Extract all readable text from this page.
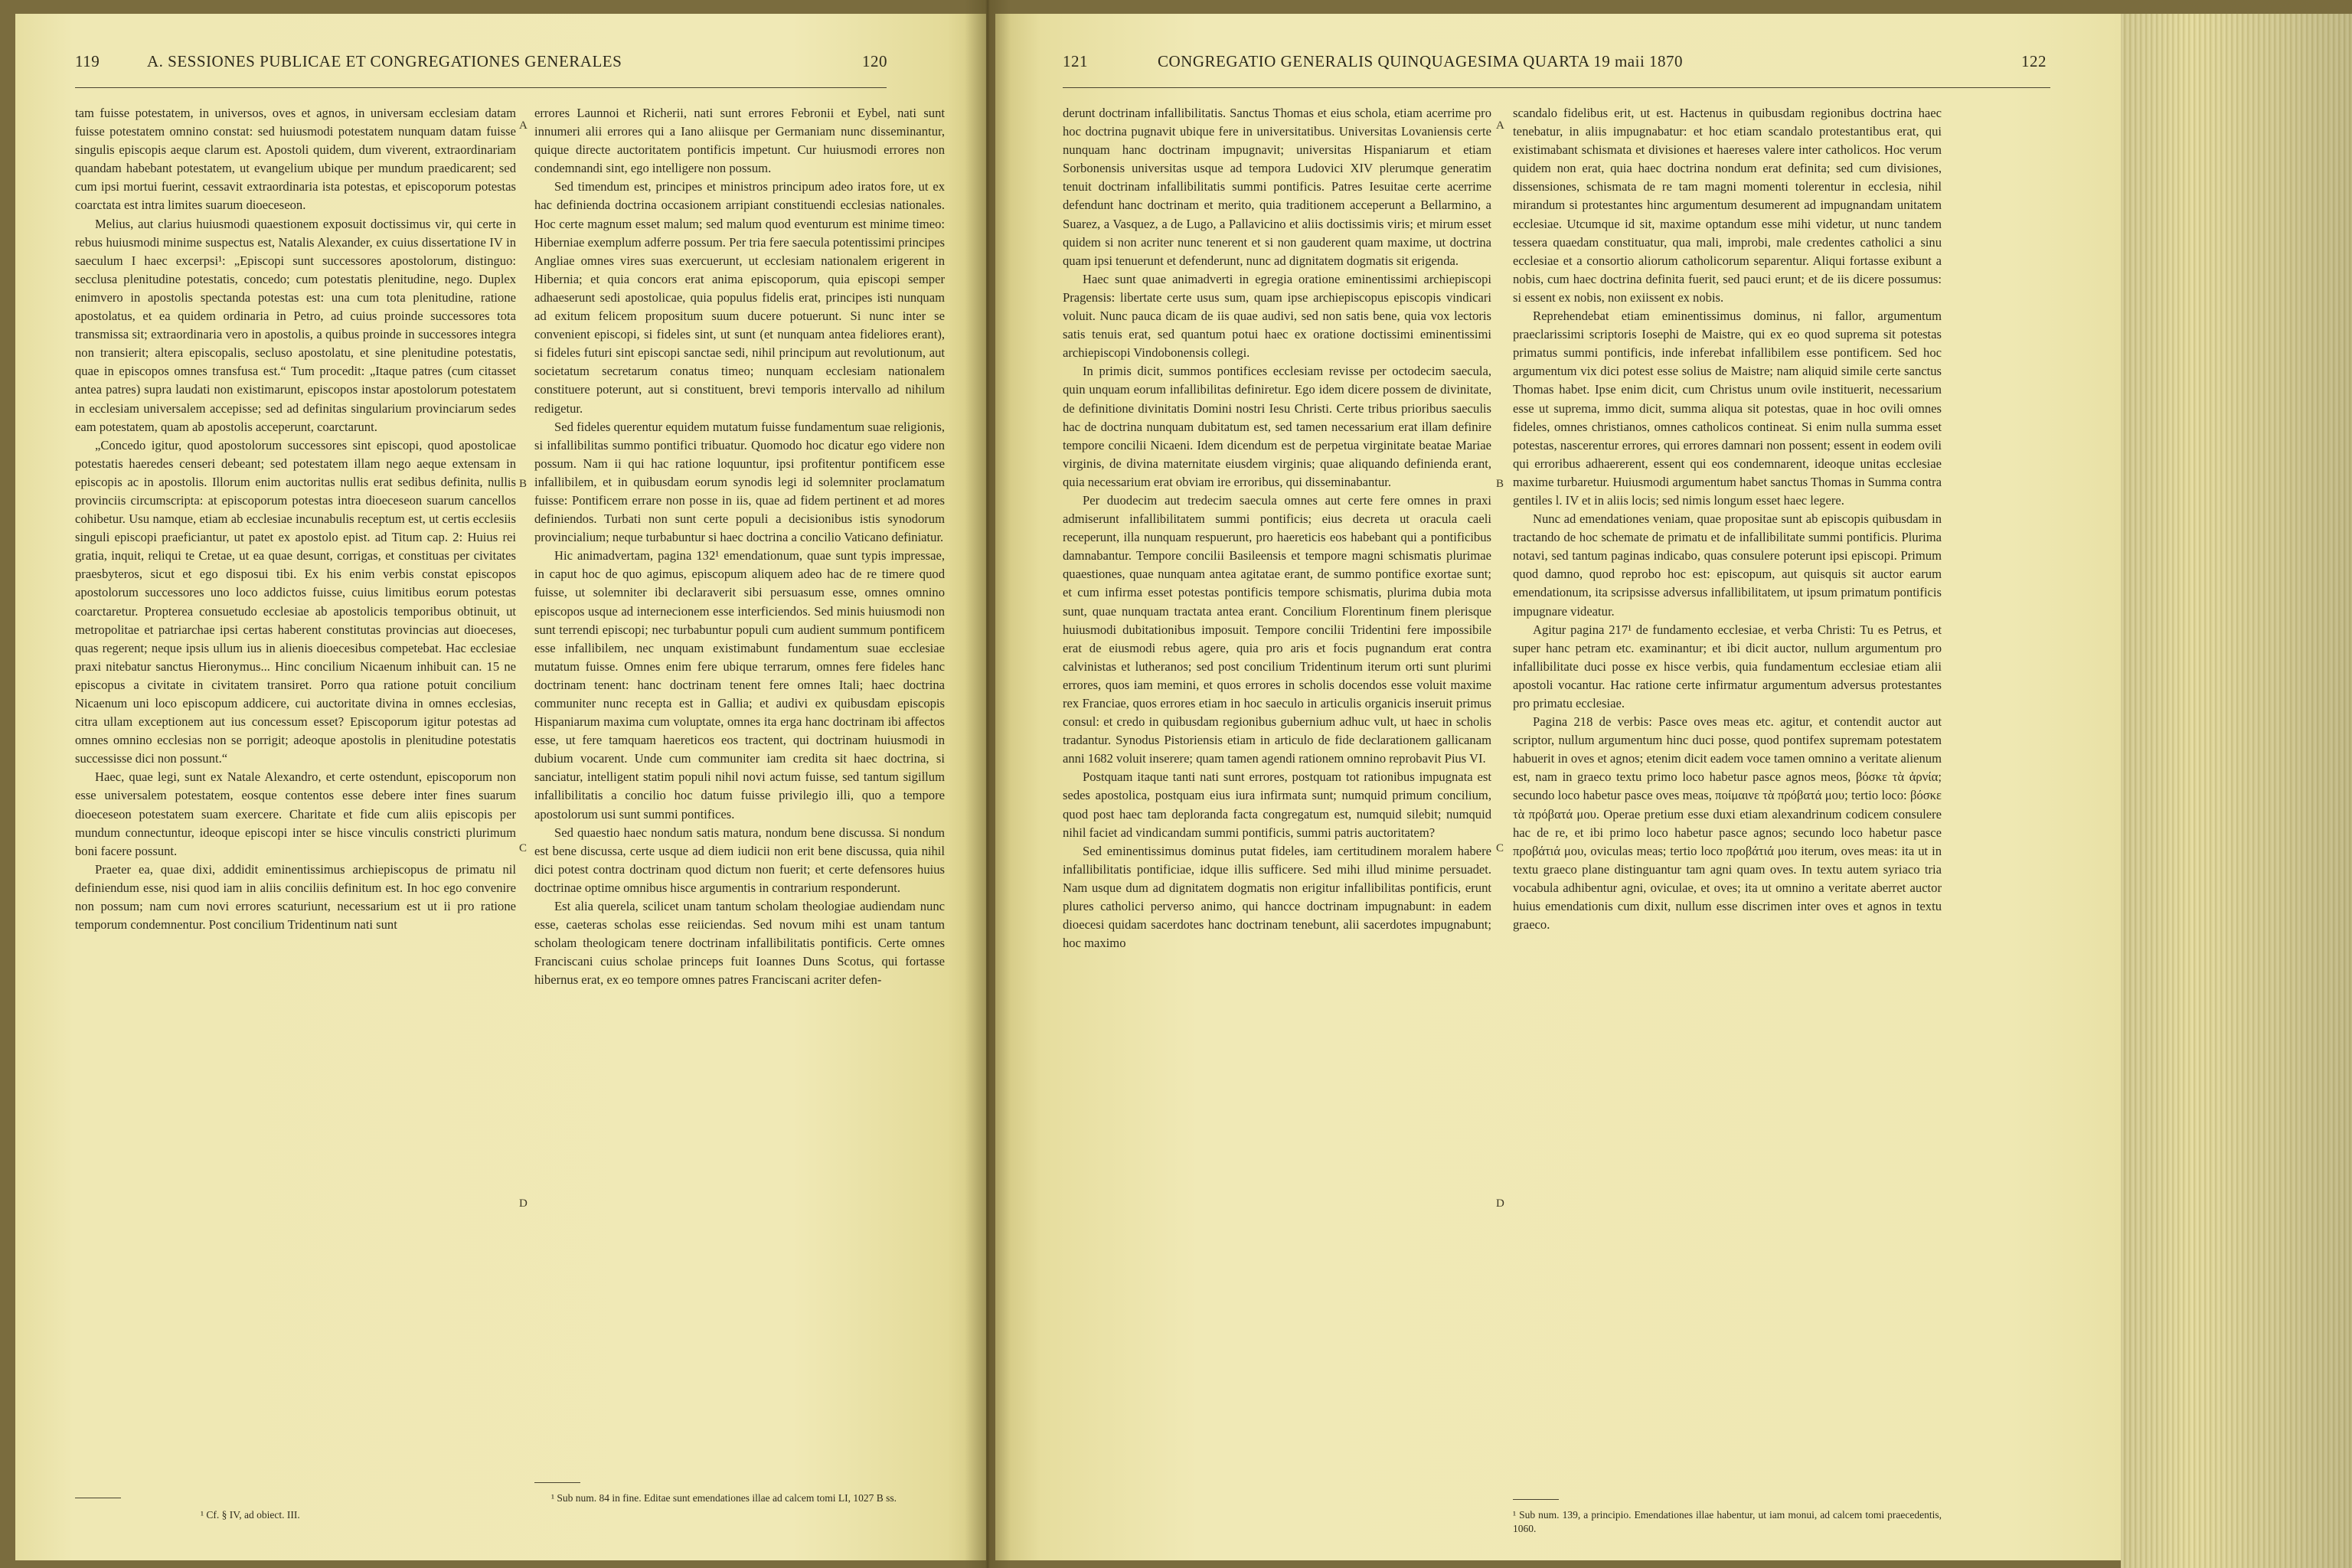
A. SESSIONES PUBLICAE ET CONGREGATIONES GENERALES
119	120

tam fuisse potestatem, in universos, oves et agnos, in universam ecclesiam datam fuisse potestatem omnino constat: sed huiusmodi potestatem nunquam datam fuisse singulis episcopis aeque clarum est. Apostoli quidem, dum viverent, extraordinariam quandam habebant potestatem, ut evangelium ubique per mundum praedicarent; sed cum ipsi mortui fuerint, cessavit extraordinaria ista potestas, et episcoporum potestas coarctata est intra limites suarum dioeceseon.

Melius, aut clarius huiusmodi quaestionem exposuit doctissimus vir, qui certe in rebus huiusmodi minime suspectus est, Natalis Alexander, ex cuius dissertatione IV in saeculum I haec excerpsi¹: „Episcopi sunt successores apostolorum, distinguo: secclusa plenitudine potestatis, concedo; cum potestatis plenitudine, nego. Duplex enimvero in apostolis spectanda potestas est: una cum tota plenitudine, ratione apostolatus, et ea quidem ordinaria in Petro, ad cuius proinde successores tota transmissa sit; extraordinaria vero in apostolis, a quibus proinde in successores integra non transierit; altera episcopalis, secluso apostolatu, et sine plenitudine potestatis, quae in episcopos omnes transfusa est.“ Tum procedit: „Itaque patres (cum citasset antea patres) supra laudati non existimarunt, episcopos instar apostolorum potestatem in ecclesiam universalem accepisse; sed ad definitas singularium provinciarum sedes eam potestatem, quam ab apostolis acceperunt, coarctarunt.

„Concedo igitur, quod apostolorum successores sint episcopi, quod apostolicae potestatis haeredes censeri debeant; sed potestatem illam nego aeque extensam in episcopis ac in apostolis. Illorum enim auctoritas nullis erat sedibus definita, nullis provinciis circumscripta: at episcoporum potestas intra dioeceseon suarum cancellos cohibetur. Usu namque, etiam ab ecclesiae incunabulis receptum est, ut certis ecclesiis singuli episcopi praeficiantur, ut patet ex apostolo epist. ad Titum cap. 2: Huius rei gratia, inquit, reliqui te Cretae, ut ea quae desunt, corrigas, et constituas per civitates praesbyteros, sicut et ego disposui tibi. Ex his enim verbis constat episcopos apostolorum successores uno loco addictos fuisse, cuius limitibus eorum potestas coarctaretur. Propterea consuetudo ecclesiae ab apostolicis temporibus obtinuit, ut metropolitae et patriarchae ipsi certas haberent constitutas provincias aut dioeceses, quas regerent; neque ipsis ullum ius in alienis dioecesibus competebat. Hac ecclesiae praxi nitebatur sanctus Hieronymus... Hinc concilium Nicaenum inhibuit can. 15 ne episcopus a civitate in civitatem transiret. Porro qua ratione potuit concilium Nicaenum uni loco episcopum addicere, cui auctoritate divina in omnes ecclesias, citra ullam exceptionem aut ius concessum esset? Episcoporum igitur potestas ad omnes omnino ecclesias non se porrigit; adeoque apostolis in plenitudine potestatis successisse dici non possunt.“

Haec, quae legi, sunt ex Natale Alexandro, et certe ostendunt, episcoporum non esse universalem potestatem, eosque contentos esse debere inter fines suarum dioeceseon potestatem suam exercere. Charitate et fide cum aliis episcopis per mundum connectuntur, ideoque episcopi inter se hisce vinculis constricti plurimum boni facere possunt.

Praeter ea, quae dixi, addidit eminentissimus archiepiscopus de primatu nil definiendum esse, nisi quod iam in aliis conciliis definitum est. In hoc ego convenire non possum; nam cum novi errores scaturiunt, necessarium est ut ii pro ratione temporum condemnentur. Post concilium Tridentinum nati sunt

A
B
C
D

errores Launnoi et Richerii, nati sunt errores Febronii et Eybel, nati sunt innumeri alii errores qui a Iano aliisque per Germaniam nunc disseminantur, quique directe auctoritatem pontificis impetunt. Cur huiusmodi errores non condemnandi sint, ego intelligere non possum.

Sed timendum est, principes et ministros principum adeo iratos fore, ut ex hac definienda doctrina occasionem arripiant constituendi ecclesias nationales. Hoc certe magnum esset malum; sed malum quod eventurum est minime timeo: Hiberniae exemplum adferre possum. Per tria fere saecula potentissimi principes Angliae omnes vires suas exercuerunt, ut ecclesiam nationalem erigerent in Hibernia; et quia concors erat anima episcoporum, quia episcopi semper adhaeserunt sedi apostolicae, quia populus fidelis erat, principes isti nunquam ad exitum felicem propositum suum ducere potuerunt. Si nunc inter se convenient episcopi, si fideles sint, ut sunt (et nunquam antea fideliores erant), si fideles futuri sint episcopi sanctae sedi, nihil principum aut revolutionum, aut societatum secretarum conatus timeo; nunquam ecclesiam nationalem constituere poterunt, aut si constituent, brevi temporis intervallo ad nihilum redigetur.

Sed fideles querentur equidem mutatum fuisse fundamentum suae religionis, si infallibilitas summo pontifici tribuatur. Quomodo hoc dicatur ego videre non possum. Nam ii qui hac ratione loquuntur, ipsi profitentur pontificem esse infallibilem, et in quibusdam eorum synodis legi id solemniter proclamatum fuisse: Pontificem errare non posse in iis, quae ad fidem pertinent et ad mores definiendos. Turbati non sunt certe populi a decisionibus istis synodorum provincialium; neque turbabuntur si haec doctrina a concilio Vaticano definiatur.

Hic animadvertam, pagina 132¹ emendationum, quae sunt typis impressae, in caput hoc de quo agimus, episcopum aliquem adeo hac de re timere quod fuisse, ut solemniter ibi declaraverit sibi persuasum esse, omnes omnino episcopos usque ad internecionem esse interficiendos. Sed minis huiusmodi non sunt terrendi episcopi; nec turbabuntur populi cum audient summum pontificem esse infallibilem, nec unquam existimabunt fundamentum suae ecclesiae mutatum fuisse. Omnes enim fere ubique terrarum, omnes fere fideles hanc doctrinam tenent: hanc doctrinam tenent fere omnes Itali; haec doctrina communiter nunc recepta est in Gallia; et audivi ex quibusdam episcopis Hispaniarum maxima cum voluptate, omnes ita erga hanc doctrinam ibi affectos esse, ut fere tamquam haereticos eos tractent, qui doctrinam huiusmodi in dubium vocarent. Unde cum communiter iam credita sit haec doctrina, si sanciatur, intelligent statim populi nihil novi actum fuisse, sed tantum sigillum infallibilitatis a concilio hoc datum fuisse privilegio illi, quo a tempore apostolorum usi sunt summi pontifices.

Sed quaestio haec nondum satis matura, nondum bene discussa. Si nondum est bene discussa, certe usque ad diem iudicii non erit bene discussa, quia nihil dici potest contra doctrinam quod dictum non fuerit; et certe defensores huius doctrinae optime omnibus hisce argumentis in contrarium responderunt.

Est alia querela, scilicet unam tantum scholam theologiae audiendam nunc esse, caeteras scholas esse reiiciendas. Sed novum mihi est unam tantum scholam theologicam tenere doctrinam infallibilitatis pontificis. Certe omnes Franciscani cuius scholae princeps fuit Ioannes Duns Scotus, qui fortasse hibernus erat, ex eo tempore omnes patres Franciscani acriter defen-

¹ Cf. § IV, ad obiect. III.
¹ Sub num. 84 in fine. Editae sunt emendationes illae ad calcem tomi LI, 1027 B ss.
121	CONGREGATIO GENERALIS QUINQUAGESIMA QUARTA 19 maii 1870	122

derunt doctrinam infallibilitatis. Sanctus Thomas et eius schola, etiam acerrime pro hoc doctrina pugnavit ubique fere in universitatibus. Universitas Lovaniensis certe nunquam hanc doctrinam impugnavit; universitas Hispaniarum et etiam Sorbonensis universitas usque ad tempora Ludovici XIV plerumque generatim tenuit doctrinam infallibilitatis summi pontificis. Patres Iesuitae certe acerrime defendunt hanc doctrinam et merito, quia traditionem acceperunt a Bellarmino, a Suarez, a Vasquez, a de Lugo, a Pallavicino et aliis doctissimis viris; et mirum esset quidem si non acriter nunc tenerent et si non gauderent quam maxime, ut doctrina quam ipsi tenuerunt et defenderunt, nunc ad dignitatem dogmatis sit erigenda.

Haec sunt quae animadverti in egregia oratione eminentissimi archiepiscopi Pragensis: libertate certe usus sum, quam ipse archiepiscopus episcopis vindicari voluit. Nunc pauca dicam de iis quae audivi, sed non satis bene, quia vox lectoris satis tenuis erat, sed quantum potui haec ex oratione doctissimi eminentissimi archiepiscopi Vindobonensis collegi.

In primis dicit, summos pontifices ecclesiam revisse per octodecim saecula, quin unquam eorum infallibilitas definiretur. Ego idem dicere possem de divinitate, de definitione divinitatis Domini nostri Iesu Christi. Certe tribus prioribus saeculis hac de doctrina nunquam dubitatum est, sed tamen necessarium erat illam definire tempore concilii Nicaeni. Idem dicendum est de perpetua virginitate beatae Mariae virginis, de divina maternitate eiusdem virginis; quae aliquando definienda erant, quia necessarium erat obviam ire erroribus, qui disseminabantur.

Per duodecim aut tredecim saecula omnes aut certe fere omnes in praxi admiserunt infallibilitatem summi pontificis; eius decreta ut oracula caeli receperunt, illa nunquam respuerunt, pro haereticis eos habebant qui a pontificibus damnabantur. Tempore concilii Basileensis et tempore magni schismatis plurimae quaestiones, quae nunquam antea agitatae erant, de summo pontifice exortae sunt; et cum infirma esset potestas pontificis tempore schismatis, plurima dubia mota sunt, quae nunquam tractata antea erant. Concilium Florentinum finem plerisque huiusmodi dubitationibus imposuit. Tempore concilii Tridentini fere impossibile erat de eiusmodi rebus agere, quia pro aris et focis pugnandum erat contra calvinistas et lutheranos; sed post concilium Tridentinum iterum orti sunt plurimi errores, quos iam memini, et quos errores in scholis docendos esse voluit maxime rex Franciae, quos errores etiam in hoc saeculo in articulis organicis inseruit primus consul: et credo in quibusdam regionibus gubernium adhuc vult, ut haec in scholis tradantur. Synodus Pistoriensis etiam in articulo de fide declarationem gallicanam anni 1682 voluit inserere; quam tamen agendi rationem omnino reprobavit Pius VI.

Postquam itaque tanti nati sunt errores, postquam tot rationibus impugnata est sedes apostolica, postquam eius iura infirmata sunt; numquid primum concilium, quod post haec tam deploranda facta congregatum est, numquid silebit; numquid nihil faciet ad vindicandam summi pontificis, summi patris auctoritatem?

Sed eminentissimus dominus putat fideles, iam certitudinem moralem habere infallibilitatis pontificiae, idque illis sufficere. Sed mihi illud minime persuadet. Nam usque dum ad dignitatem dogmatis non erigitur infallibilitas pontificis, erunt plures catholici perverso animo, qui hancce doctrinam impugnabunt: in eadem dioecesi quidam sacerdotes hanc doctrinam tenebunt, alii sacerdotes impugnabunt; hoc maximo

A
B
C
D

scandalo fidelibus erit, ut est. Hactenus in quibusdam regionibus doctrina haec tenebatur, in aliis impugnabatur: et hoc etiam scandalo protestantibus erat, qui existimabant schismata et divisiones et haereses valere inter catholicos. Hoc verum quidem non erat, quia haec doctrina nondum erat definita; sed cum divisiones, dissensiones, schismata de re tam magni momenti tolerentur in ecclesia, nihil mirandum si protestantes hinc argumentum desumerent ad impugnandam unitatem ecclesiae. Utcumque id sit, maxime optandum esse mihi videtur, ut nunc tandem tessera quaedam constituatur, qua mali, improbi, male credentes catholici a sinu ecclesiae et a consortio aliorum catholicorum separentur. Aliqui fortasse exibunt a nobis, cum haec doctrina definita fuerit, sed pauci erunt; et de iis dicere possumus: si essent ex nobis, non exiissent ex nobis.

Reprehendebat etiam eminentissimus dominus, ni fallor, argumentum praeclarissimi scriptoris Iosephi de Maistre, qui ex eo quod suprema sit potestas primatus summi pontificis, inde inferebat infallibilem esse pontificem. Sed hoc argumentum vix dici potest esse solius de Maistre; nam aliquid simile certe sanctus Thomas habet. Ipse enim dicit, cum Christus unum ovile instituerit, necessarium esse ut suprema, immo dicit, summa aliqua sit potestas, quae in hoc ovili omnes fideles, omnes christianos, omnes catholicos contineat. Si enim nulla summa esset potestas, nascerentur errores, qui errores damnari non possent; essent in eodem ovili qui erroribus adhaererent, essent qui eos condemnarent, ideoque unitas ecclesiae maxime turbaretur. Huiusmodi argumentum habet sanctus Thomas in Summa contra gentiles l. IV et in aliis locis; sed nimis longum esset haec legere.

Nunc ad emendationes veniam, quae propositae sunt ab episcopis quibusdam in tractando de hoc schemate de primatu et de infallibilitate summi pontificis. Plurima notavi, sed tantum paginas indicabo, quas consulere poterunt ipsi episcopi. Primum quod damno, quod reprobo hoc est: episcopum, aut quisquis sit auctor earum emendationum, ita scripsisse adversus infallibilitatem, ut ipsum primatum pontificis impugnare videatur.

Agitur pagina 217¹ de fundamento ecclesiae, et verba Christi: Tu es Petrus, et super hanc petram etc. examinantur; et ibi dicit auctor, nullum argumentum pro infallibilitate duci posse ex hisce verbis, quia fundamentum ecclesiae etiam alii apostoli vocantur. Hac ratione certe infirmatur argumentum adversus protestantes pro primatu ecclesiae.

Pagina 218 de verbis: Pasce oves meas etc. agitur, et contendit auctor aut scriptor, nullum argumentum hinc duci posse, quod pontifex supremam potestatem habuerit in oves et agnos; etenim dicit eadem voce tamen omnino a veritate alienum est, nam in graeco textu primo loco habetur pasce agnos meos, βόσκε τὰ ἀρνία; secundo loco habetur pasce oves meas, ποίμαινε τὰ πρόβατά μου; tertio loco: βόσκε τὰ πρόβατά μου. Operae pretium esse duxi etiam alexandrinum codicem consulere hac de re, et ibi primo loco habetur pasce agnos; secundo loco habetur pasce προβάτιά μου, oviculas meas; tertio loco προβάτιά μου iterum, oves meas: ita ut in textu graeco plane distinguantur tam agni quam oves. In textu autem syriaco tria vocabula adhibentur agni, oviculae, et oves; ita ut omnino a veritate aberret auctor huius emendationis cum dixit, nullum esse discrimen inter oves et agnos in textu graeco.

¹ Sub num. 139, a principio. Emendationes illae habentur, ut iam monui, ad calcem tomi praecedentis, 1060.
